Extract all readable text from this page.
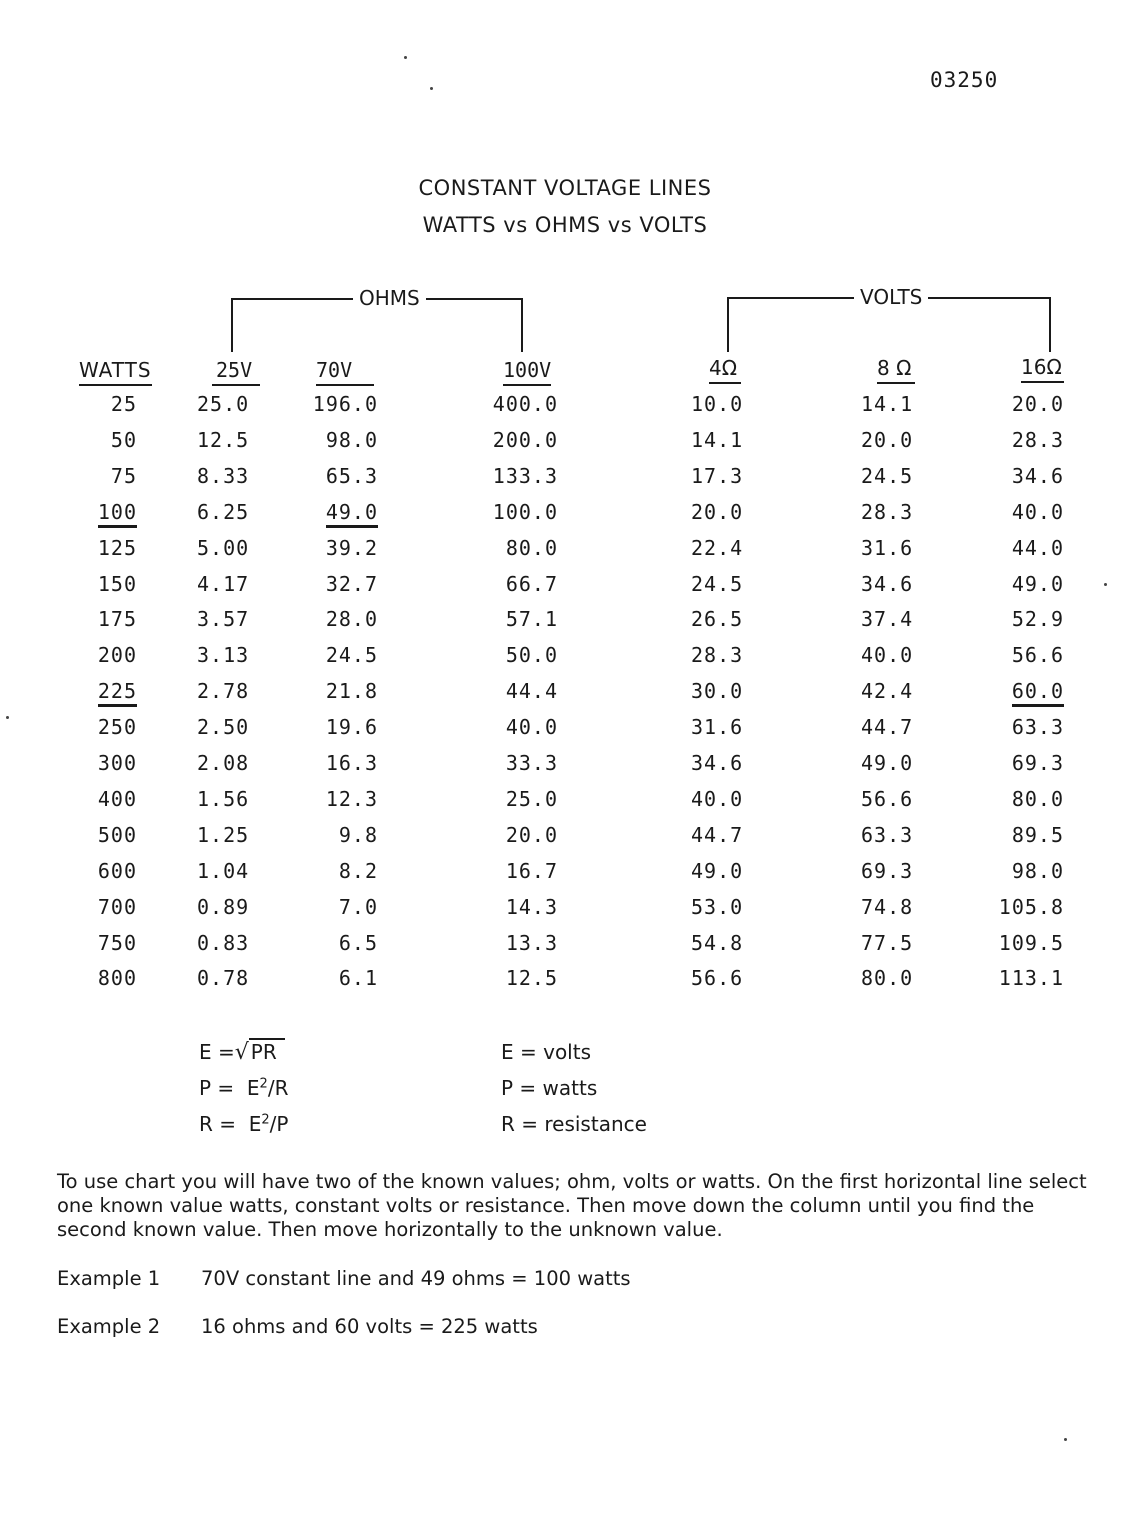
03250
CONSTANT VOLTAGE LINES
WATTS vs OHMS vs VOLTS
OHMS	VOLTS
WATTS	25V	70V	100V	4Ω	8 Ω	16Ω
25	25.0	196.0	400.0	10.0	14.1	20.0
50	12.5	98.0	200.0	14.1	20.0	28.3
75	8.33	65.3	133.3	17.3	24.5	34.6
100	6.25	49.0	100.0	20.0	28.3	40.0
125	5.00	39.2	80.0	22.4	31.6	44.0
150	4.17	32.7	66.7	24.5	34.6	49.0
175	3.57	28.0	57.1	26.5	37.4	52.9
200	3.13	24.5	50.0	28.3	40.0	56.6
225	2.78	21.8	44.4	30.0	42.4	60.0
250	2.50	19.6	40.0	31.6	44.7	63.3
300	2.08	16.3	33.3	34.6	49.0	69.3
400	1.56	12.3	25.0	40.0	56.6	80.0
500	1.25	9.8	20.0	44.7	63.3	89.5
600	1.04	8.2	16.7	49.0	69.3	98.0
700	0.89	7.0	14.3	53.0	74.8	105.8
750	0.83	6.5	13.3	54.8	77.5	109.5
800	0.78	6.1	12.5	56.6	80.0	113.1
E =√ PR
$P = E^2/R$
$R = E^2/P$
E = volts
P = watts
R = resistance
To use chart you will have two of the known values; ohm, volts or watts. On the first horizontal line select one known value watts, constant volts or resistance. Then move down the column until you find the second known value. Then move horizontally to the unknown value.
Example 1 70V constant line and 49 ohms = 100 watts
Example 2 16 ohms and 60 volts = 225 watts
